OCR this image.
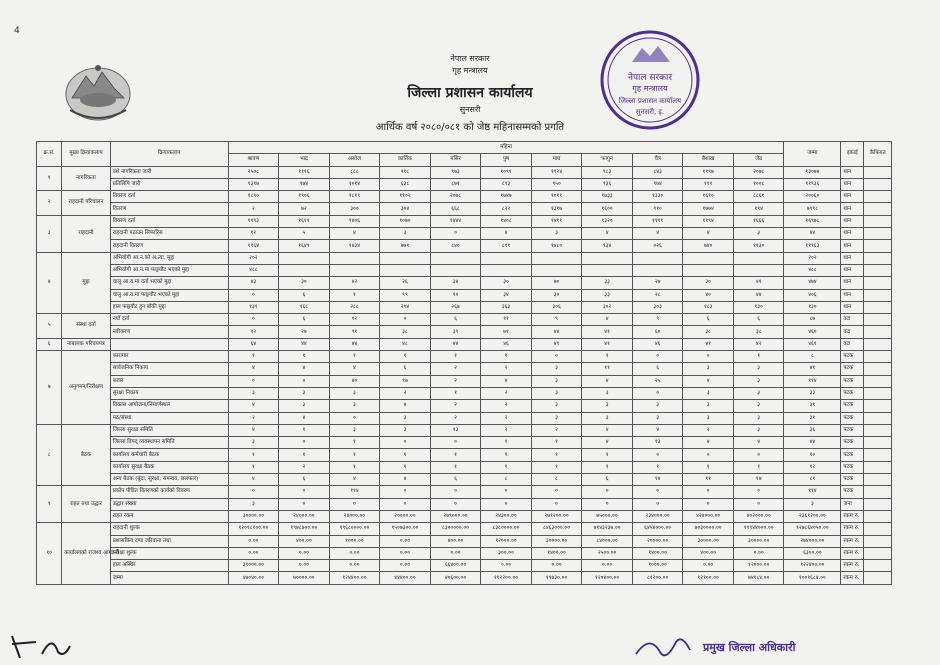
4
नेपाल सरकार
गृह मन्त्रालय
जिल्ला प्रशासन कार्यालय
सुनसरी
आर्थिक वर्ष २०८०/०८१ को जेष्ठ महिनासम्मको प्रगति
नेपाल सरकार
गृह मन्त्रालय
जिल्ला प्रशासन कार्यालय
सुनसरी, इ.
क्र.सं.	मुख्य क्रियाकलाप	क्रियाकलाप	महिना											जम्मा	इकाई	कैफियत
			श्रावण	भाद्र	असोज	कार्तिक	मंसिर	पुष	माघ	फागुन	चैत्र	बैशाख	जेठ			
१	नागरिकता	वंशे नागरिकता जारी	२५०८	१११६	८८८	९१८	९७३	१०९१	११२४	९८३	८४३	११९७	२०७८	१३०७४	थान	
		प्रतिलिपि जारी	१३१७	९७४	१०१४	६३८	८७१	८९३	९५०	९३६	९७४	१११	१००८	११९३६	थान	
२	राहदानी परिचालन	विवरण दर्ता	१८९०	१९०६	१८१९	११०२	२०७८	१७४७	१०११	१७३३	१३३०	१६१०	८८६१	२००६०	थान	
		वितरण	२	७२	३००	३०४	६६८	८२२	१३१७	१६००	९१०	१७७४	१९४	७९९८	थान	
३	राहदानी	विवरण दर्ता	११९३	१६११	१४०६	१०७०	१४४४	१४०८	१४११	१३२०	११११	११९४	१६६६	१६९७८	थान	
		राहदानी पठाउन सिफारिस	१२	५	४	३	०	४	३	४	४	४	३	४४	थान	
		राहदानी वितरण	११६४	१६४९	१४३४	७७१	८४०	८११	१४८०	९३४	०२६	७४०	११३०	११९६३	थान	
४	मुद्दा	अभियोगी आ.न.को अ.त्या. मुद्दा	२०२											२०२	थान	
		अभियोगी आ.न.मा फछ्र्यौट भएको मुद्दा	४८८											४८८	थान	
		चालु आ.व.मा दर्ता भएको मुद्दा	४३	३०	४२	२६	३४	३०	७०	३३	२७	३०	४१	४७४	थान	
		चालु आ.व.मा फछ्र्यौट भएको मुद्दा	०	६	१	९९	१०	३४	३०	३३	२८	४०	४४	४०६	थान	
		हाल फछ्र्यौट हुन बाँकी मुद्दा	१३१	१६८	२८८	२९४	२६७	३६३	३०६	३०२	३०३	१८३	१३०	१३०	थान	
५	संस्था दर्ता	नयाँ दर्ता	०	६	१२	०	६	११	९	४	९	६	६	८७	वटा	
		नवीकरण	१२	२७	९१	३८	३९	७१	४४	४१	६०	३८	३८	४६०	वटा	
६	नाबालक परिचयपत्र		६४	४४	४४	४८	४४	४६	४९	४१	४६	४१	४२	४६१	वटा	
७	अनुगमन/निरीक्षण	कारागार	१	१	१	१	१	१	०	१	०	०	१	८	पटक	
		सार्वजनिक निकाय	४	४	४	६	२	२	३	११	६	३	३	४१	पटक	
		बजार	०	०	४०	१७	२	४	३	४	२५	४	३	११४	पटक	
		सुरक्षा निकाय	३	३	३	२	१	२	३	३	०	३	३	३३	पटक	
		विकास आयोजना/निमार्णस्थल	४	३	३	४	२	२	३	३	३	३	३	३१	पटक	
		मठ/संस्था	२	४	०	३	२	२	३	३	३	३	३	३१	पटक	
८	बैठक	जिल्ला सुरक्षा समिति	४	१	३	३	१३	२	२	४	४	२	३	३६	पटक	
		जिल्ला विपद् व्यवस्थापन समिति	३	०	१	०	०	१	१	४	१३	४	४	४४	पटक	
		कार्यालय कर्मचारी बैठक	१	१	१	१	१	१	१	१	०	०	०	१०	पटक	
		कार्यालय सुरक्षा बैठक	१	२	१	१	१	१	१	१	१	१	१	१२	पटक	
		अन्य बैठक (बुंदा, सुरक्षा, समन्वय, छलफल)	४	६	४	४	६	८	८	६	१४	११	१७	८९	पटक	
९	राहत तथा उद्धार	प्रकोप पीडित वितरणको कार्यको विवरण	०	०	११४	०	०	०	०	०	०	०	०	११४	पटक	
		उद्धार संख्या	३	०	०	०	०	०	०	०	०	०	०	३	जना	
		राहत रकम	३००००.००	२४०००.००	२४०००.००	२००००.००	२७९०००.००	२४३००.००	२७१२००.००	७५०००.००	२३४०००.००	४२४०००.००	४०२०००.००	२३६१२००.००	रकम रु.	
१०	कार्यालयको राजश्व आम्दानी	राहदानी शुल्क	१२०१८१००.००	१९७८७००.००	१९६८००००.००	१५०७३००.००	८३०००००.००	८३८००००.००	८४६३०००.००	७१४३२३७.००	६४५४०००.००	७०३००००.००	११९४४०००.००	१२७८६४०५०.००	रकम रु.	
		प्रशासकिय दण्ड जरिवाना तथा	०.००	४००.००	१०००.००	०.००	४००.००	१२०००.००	३००००.००	८४०००.००	२००००.००	३००००.००	३००००.००	२७४०००.००	रकम रु.	
		परीक्षा शुल्क	०.००	०.००	०.००	०.००	०.००	३००.००	१४००.००	२५००.००	१४००.००	४००.००	०.००	६३००.००	रकम रु.	
		हाल अस्थिर	३१०००.००	०.००	०.००	०.००	६६४००.००	०.००	०.००	०.००	१०००.००	०.००	१२०००.००	१२२४००.००	रकम रु.	
		जम्मा	४७०४०.००	७००००.००	१२४४००.००	४४४००.००	४०६००.००	११२२००.००	१९७३०.००	१२०४००.००	८१२००.००	१२१००.००	७४१८४.००	१००१६८४.००	रकम रु.	
प्रमुख जिल्ला अधिकारी
